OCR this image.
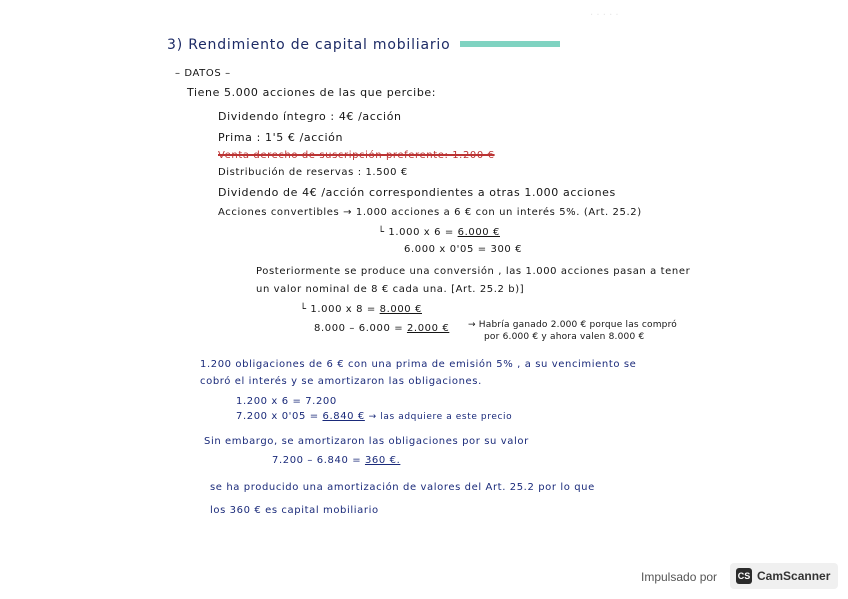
· · · · ·
3) Rendimiento de capital mobiliario
– DATOS –
Tiene 5.000 acciones de las que percibe:
Dividendo íntegro : 4€ /acción
Prima : 1'5 € /acción
Venta derecho de suscripción preferente: 1.200 €
Distribución de reservas : 1.500 €
Dividendo de 4€ /acción correspondientes a otras 1.000 acciones
Acciones convertibles → 1.000 acciones a 6 € con un interés 5%. (Art. 25.2)
└ 1.000 x 6 = 6.000 €
6.000 x 0'05 = 300 €
Posteriormente se produce una conversión , las 1.000 acciones pasan a tener
un valor nominal de 8 € cada una. [Art. 25.2 b)]
└ 1.000 x 8 = 8.000 €
8.000 – 6.000 = 2.000 € → Habría ganado 2.000 € porque las compró
por 6.000 € y ahora valen 8.000 €
1.200 obligaciones de 6 € con una prima de emisión 5% , a su vencimiento se
cobró el interés y se amortizaron las obligaciones.
1.200 x 6 = 7.200
7.200 x 0'05 = 6.840 € → las adquiere a este precio
Sin embargo, se amortizaron las obligaciones por su valor
7.200 – 6.840 = 360 €.
se ha producido una amortización de valores del Art. 25.2 por lo que
los 360 € es capital mobiliario
Impulsado por CS CamScanner
